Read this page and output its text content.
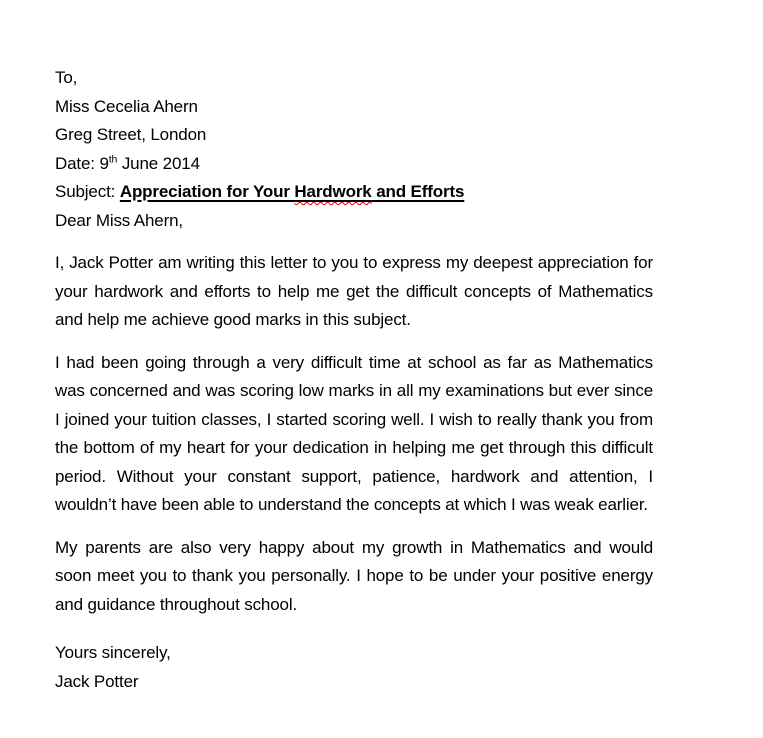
To,
Miss Cecelia Ahern
Greg Street, London
Date: 9th June 2014
Subject: Appreciation for Your Hardwork and Efforts
Dear Miss Ahern,

I, Jack Potter am writing this letter to you to express my deepest appreciation for your hardwork and efforts to help me get the difficult concepts of Mathematics and help me achieve good marks in this subject.

I had been going through a very difficult time at school as far as Mathematics was concerned and was scoring low marks in all my examinations but ever since I joined your tuition classes, I started scoring well. I wish to really thank you from the bottom of my heart for your dedication in helping me get through this difficult period. Without your constant support, patience, hardwork and attention, I wouldn’t have been able to understand the concepts at which I was weak earlier.

My parents are also very happy about my growth in Mathematics and would soon meet you to thank you personally. I hope to be under your positive energy and guidance throughout school.

Yours sincerely,
Jack Potter
